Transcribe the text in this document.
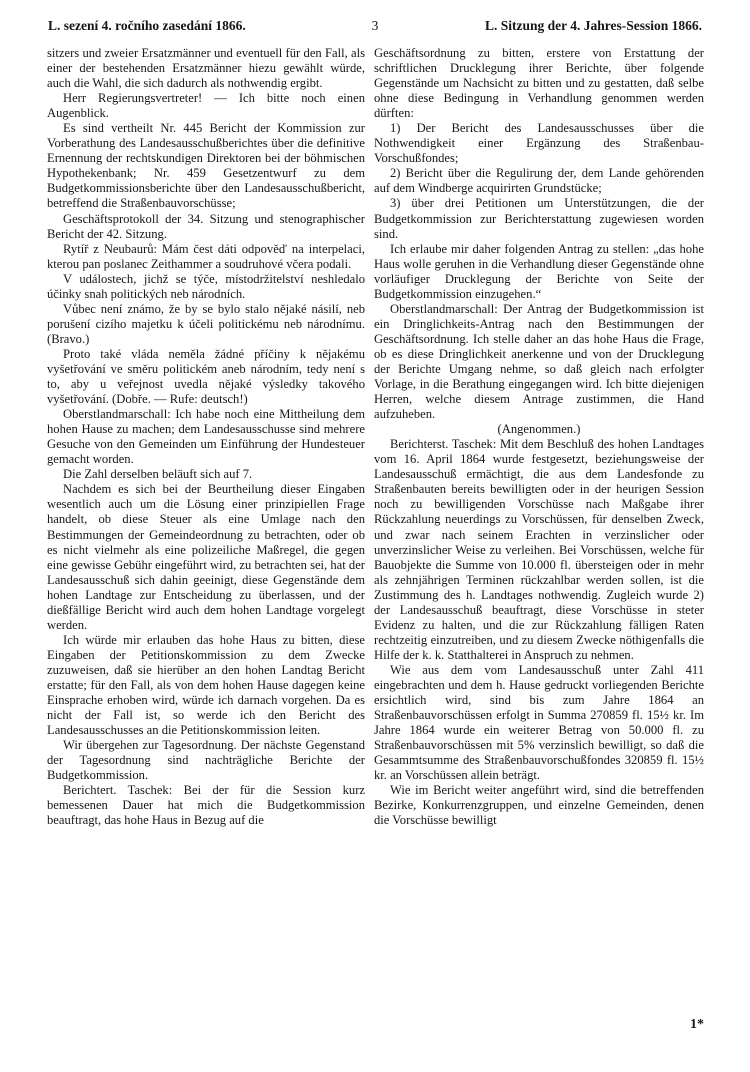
L. sezení 4. ročního zasedání 1866.	3	L. Sitzung der 4. Jahres-Session 1866.

sitzers und zweier Ersatzmänner und eventuell für den Fall, als einer der bestehenden Ersatzmänner hiezu gewählt würde, auch die Wahl, die sich dadurch als nothwendig ergibt.

Herr Regierungsvertreter! — Ich bitte noch einen Augenblick.

Es sind vertheilt Nr. 445 Bericht der Kommission zur Vorberathung des Landesausschußberichtes über die definitive Ernennung der rechtskundigen Direktoren bei der böhmischen Hypothekenbank; Nr. 459 Gesetzentwurf zu dem Budgetkommissionsberichte über den Landesausschußbericht, betreffend die Straßenbauvorschüsse;

Geschäftsprotokoll der 34. Sitzung und stenographischer Bericht der 42. Sitzung.

Rytíř z Neubaurů: Mám čest dáti odpověď na interpelaci, kterou pan poslanec Zeithammer a soudruhové včera podali.

V událostech, jichž se týče, místodržitelství neshledalo účinky snah politických neb národních.

Vůbec není známo, že by se bylo stalo nějaké násilí, neb porušení cizího majetku k účeli politickému neb národnímu. (Bravo.)

Proto také vláda neměla žádné příčiny k nějakému vyšetřování ve směru politickém aneb národním, tedy není s to, aby u veřejnost uvedla nějaké výsledky takového vyšetřování. (Dobře. — Rufe: deutsch!)

Oberstlandmarschall: Ich habe noch eine Mittheilung dem hohen Hause zu machen; dem Landesausschusse sind mehrere Gesuche von den Gemeinden um Einführung der Hundesteuer gemacht worden.

Die Zahl derselben beläuft sich auf 7.

Nachdem es sich bei der Beurtheilung dieser Eingaben wesentlich auch um die Lösung einer prinzipiellen Frage handelt, ob diese Steuer als eine Umlage nach den Bestimmungen der Gemeindeordnung zu betrachten, oder ob es nicht vielmehr als eine polizeiliche Maßregel, die gegen eine gewisse Gebühr eingeführt wird, zu betrachten sei, hat der Landesausschuß sich dahin geeinigt, diese Gegenstände dem hohen Landtage zur Entscheidung zu überlassen, und der dießfällige Bericht wird auch dem hohen Landtage vorgelegt werden.

Ich würde mir erlauben das hohe Haus zu bitten, diese Eingaben der Petitionskommission zu dem Zwecke zuzuweisen, daß sie hierüber an den hohen Landtag Bericht erstatte; für den Fall, als von dem hohen Hause dagegen keine Einsprache erhoben wird, würde ich darnach vorgehen. Da es nicht der Fall ist, so werde ich den Bericht des Landesausschusses an die Petitionskommission leiten.

Wir übergehen zur Tagesordnung. Der nächste Gegenstand der Tagesordnung sind nachträgliche Berichte der Budgetkommission.

Berichtert. Taschek: Bei der für die Session kurz bemessenen Dauer hat mich die Budgetkommission beauftragt, das hohe Haus in Bezug auf die

Geschäftsordnung zu bitten, erstere von Erstattung der schriftlichen Drucklegung ihrer Berichte, über folgende Gegenstände um Nachsicht zu bitten und zu gestatten, daß selbe ohne diese Bedingung in Verhandlung genommen werden dürften:

1) Der Bericht des Landesausschusses über die Nothwendigkeit einer Ergänzung des Straßenbau-Vorschußfondes;

2) Bericht über die Regulirung der, dem Lande gehörenden auf dem Windberge acquirirten Grundstücke;

3) über drei Petitionen um Unterstützungen, die der Budgetkommission zur Berichterstattung zugewiesen worden sind.

Ich erlaube mir daher folgenden Antrag zu stellen: „das hohe Haus wolle geruhen in die Verhandlung dieser Gegenstände ohne vorläufiger Drucklegung der Berichte von Seite der Budgetkommission einzugehen.“

Oberstlandmarschall: Der Antrag der Budgetkommission ist ein Dringlichkeits-Antrag nach den Bestimmungen der Geschäftsordnung. Ich stelle daher an das hohe Haus die Frage, ob es diese Dringlichkeit anerkenne und von der Drucklegung der Berichte Umgang nehme, so daß gleich nach erfolgter Vorlage, in die Berathung eingegangen wird. Ich bitte diejenigen Herren, welche diesem Antrage zustimmen, die Hand aufzuheben.

(Angenommen.)

Berichterst. Taschek: Mit dem Beschluß des hohen Landtages vom 16. April 1864 wurde festgesetzt, beziehungsweise der Landesausschuß ermächtigt, die aus dem Landesfonde zu Straßenbauten bereits bewilligten oder in der heurigen Session noch zu bewilligenden Vorschüsse nach Maßgabe ihrer Rückzahlung neuerdings zu Vorschüssen, für denselben Zweck, und zwar nach seinem Erachten in verzinslicher oder unverzinslicher Weise zu verleihen. Bei Vorschüssen, welche für Bauobjekte die Summe von 10.000 fl. übersteigen oder in mehr als zehnjährigen Terminen rückzahlbar werden sollen, ist die Zustimmung des h. Landtages nothwendig. Zugleich wurde 2) der Landesausschuß beauftragt, diese Vorschüsse in steter Evidenz zu halten, und die zur Rückzahlung fälligen Raten rechtzeitig einzutreiben, und zu diesem Zwecke nöthigenfalls die Hilfe der k. k. Statthalterei in Anspruch zu nehmen.

Wie aus dem vom Landesausschuß unter Zahl 411 eingebrachten und dem h. Hause gedruckt vorliegenden Berichte ersichtlich wird, sind bis zum Jahre 1864 an Straßenbauvorschüssen erfolgt in Summa 270859 fl. 15½ kr. Im Jahre 1864 wurde ein weiterer Betrag von 50.000 fl. zu Straßenbauvorschüssen mit 5% verzinslich bewilligt, so daß die Gesammtsumme des Straßenbauvorschußfondes 320859 fl. 15½ kr. an Vorschüssen allein beträgt.

Wie im Bericht weiter angeführt wird, sind die betreffenden Bezirke, Konkurrenzgruppen, und einzelne Gemeinden, denen die Vorschüsse bewilligt

1*
